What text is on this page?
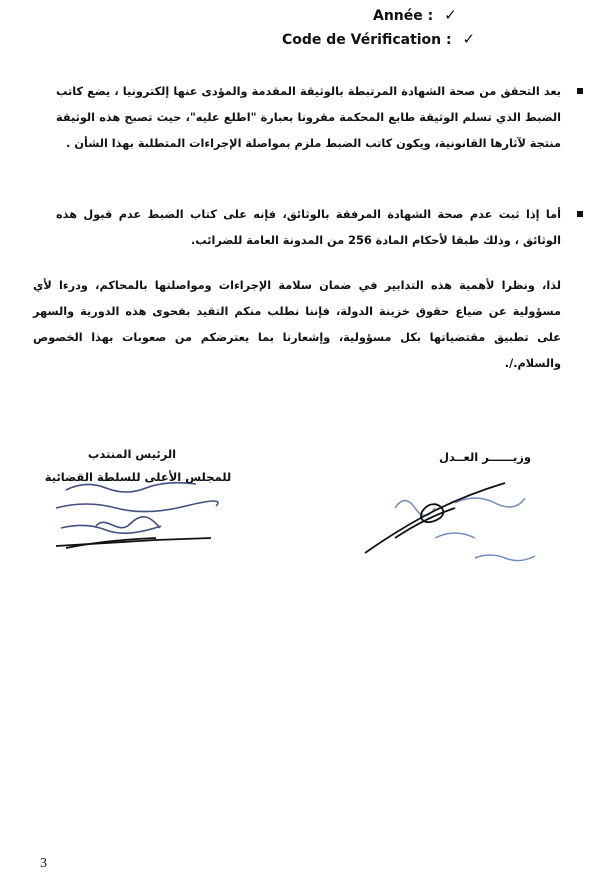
Année : ✓
Code de Vérification : ✓
بعد التحقق من صحة الشهادة المرتبطة بالوثيقة المقدمة والمؤدى عنها إلكترونيا ، يضع كاتب الضبط الذي تسلم الوثيقة طابع المحكمة مقرونا بعبارة "اطلع عليه"، حيث تصبح هذه الوثيقة منتجة لآثارها القانونية، ويكون كاتب الضبط ملزم بمواصلة الإجراءات المتطلبة بهذا الشأن .
أما إذا ثبت عدم صحة الشهادة المرفقة بالوثائق، فإنه على كتاب الضبط عدم قبول هذه الوثائق ، وذلك طبقا لأحكام المادة 256 من المدونة العامة للضرائب.

لذا، ونظرا لأهمية هذه التدابير في ضمان سلامة الإجراءات ومواصلتها بالمحاكم، ودرءا لأي مسؤولية عن ضياع حقوق خزينة الدولة، فإننا نطلب منكم التقيد بفحوى هذه الدورية والسهر على تطبيق مقتضياتها بكل مسؤولية، وإشعارنا بما يعترضكم من صعوبات بهذا الخصوص والسلام./.

الرئيس المنتدب
للمجلس الأعلى للسلطة القضائية
وزيــــــر العــدل
3
